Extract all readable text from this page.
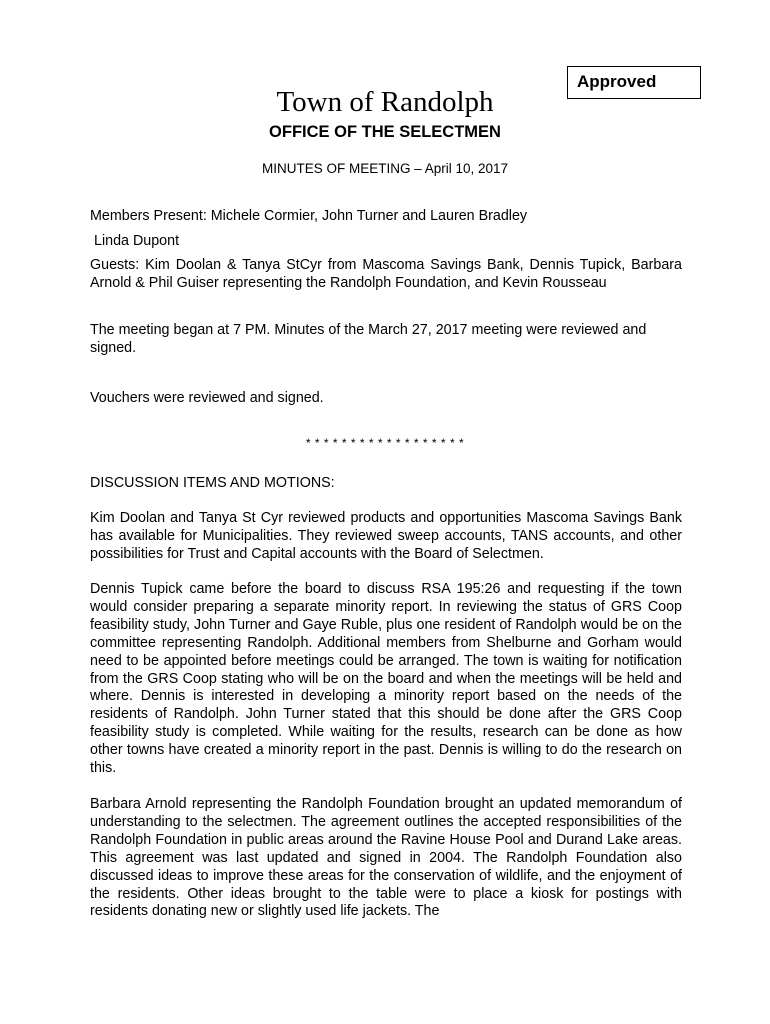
Approved
Town of Randolph
OFFICE OF THE SELECTMEN
MINUTES OF MEETING – April 10, 2017
Members Present: Michele Cormier, John Turner and Lauren Bradley
Linda Dupont
Guests: Kim Doolan & Tanya StCyr from Mascoma Savings Bank, Dennis Tupick, Barbara Arnold & Phil Guiser representing the Randolph Foundation, and Kevin Rousseau
The meeting began at 7 PM. Minutes of the March 27, 2017 meeting were reviewed and signed.
Vouchers were reviewed and signed.
* * * * * * * * * * * * * * * * * *
DISCUSSION ITEMS AND MOTIONS:
Kim Doolan and Tanya St Cyr reviewed products and opportunities Mascoma Savings Bank has available for Municipalities. They reviewed sweep accounts, TANS accounts, and other possibilities for Trust and Capital accounts with the Board of Selectmen.
Dennis Tupick came before the board to discuss RSA 195:26 and requesting if the town would consider preparing a separate minority report. In reviewing the status of GRS Coop feasibility study, John Turner and Gaye Ruble, plus one resident of Randolph would be on the committee representing Randolph. Additional members from Shelburne and Gorham would need to be appointed before meetings could be arranged. The town is waiting for notification from the GRS Coop stating who will be on the board and when the meetings will be held and where. Dennis is interested in developing a minority report based on the needs of the residents of Randolph. John Turner stated that this should be done after the GRS Coop feasibility study is completed. While waiting for the results, research can be done as how other towns have created a minority report in the past. Dennis is willing to do the research on this.
Barbara Arnold representing the Randolph Foundation brought an updated memorandum of understanding to the selectmen. The agreement outlines the accepted responsibilities of the Randolph Foundation in public areas around the Ravine House Pool and Durand Lake areas. This agreement was last updated and signed in 2004. The Randolph Foundation also discussed ideas to improve these areas for the conservation of wildlife, and the enjoyment of the residents. Other ideas brought to the table were to place a kiosk for postings with residents donating new or slightly used life jackets. The
